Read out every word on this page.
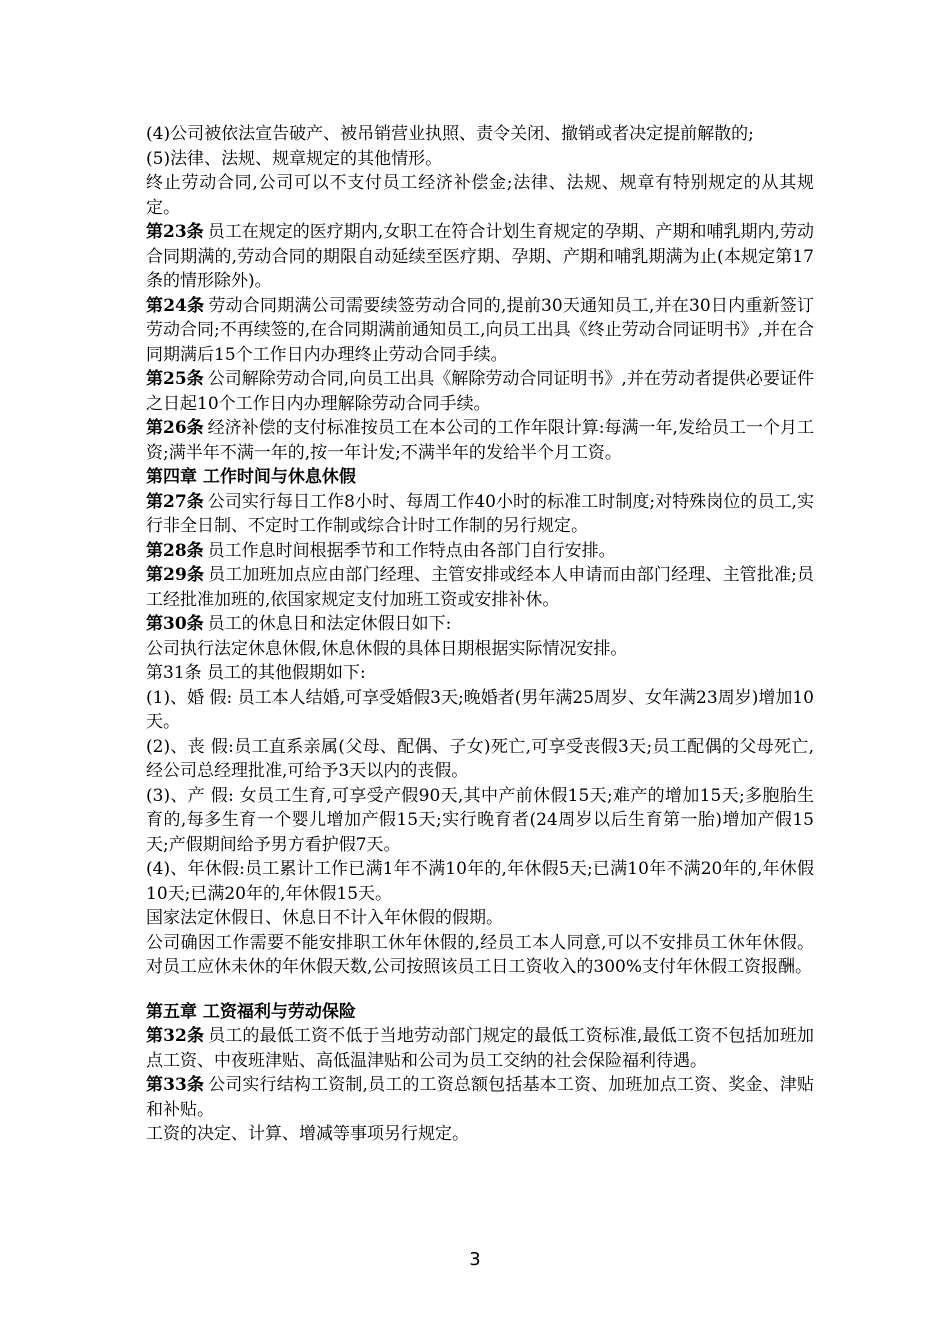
(4)公司被依法宣告破产、被吊销营业执照、责令关闭、撤销或者决定提前解散的;

(5)法律、法规、规章规定的其他情形。

终止劳动合同,公司可以不支付员工经济补偿金;法律、法规、规章有特别规定的从其规定。

第23条 员工在规定的医疗期内,女职工在符合计划生育规定的孕期、产期和哺乳期内,劳动合同期满的,劳动合同的期限自动延续至医疗期、孕期、产期和哺乳期满为止(本规定第17条的情形除外)。

第24条 劳动合同期满公司需要续签劳动合同的,提前30天通知员工,并在30日内重新签订劳动合同;不再续签的,在合同期满前通知员工,向员工出具《终止劳动合同证明书》,并在合同期满后15个工作日内办理终止劳动合同手续。

第25条 公司解除劳动合同,向员工出具《解除劳动合同证明书》,并在劳动者提供必要证件之日起10个工作日内办理解除劳动合同手续。

第26条 经济补偿的支付标准按员工在本公司的工作年限计算:每满一年,发给员工一个月工资;满半年不满一年的,按一年计发;不满半年的发给半个月工资。

第四章 工作时间与休息休假

第27条 公司实行每日工作8小时、每周工作40小时的标准工时制度;对特殊岗位的员工,实行非全日制、不定时工作制或综合计时工作制的另行规定。

第28条 员工作息时间根据季节和工作特点由各部门自行安排。

第29条 员工加班加点应由部门经理、主管安排或经本人申请而由部门经理、主管批准;员工经批准加班的,依国家规定支付加班工资或安排补休。

第30条 员工的休息日和法定休假日如下:

公司执行法定休息休假,休息休假的具体日期根据实际情况安排。

第31条 员工的其他假期如下:

(1)、婚 假: 员工本人结婚,可享受婚假3天;晚婚者(男年满25周岁、女年满23周岁)增加10天。

(2)、丧 假:员工直系亲属(父母、配偶、子女)死亡,可享受丧假3天;员工配偶的父母死亡,经公司总经理批准,可给予3天以内的丧假。

(3)、产 假: 女员工生育,可享受产假90天,其中产前休假15天;难产的增加15天;多胞胎生育的,每多生育一个婴儿增加产假15天;实行晚育者(24周岁以后生育第一胎)增加产假15天;产假期间给予男方看护假7天。

(4)、年休假:员工累计工作已满1年不满10年的,年休假5天;已满10年不满20年的,年休假10天;已满20年的,年休假15天。

国家法定休假日、休息日不计入年休假的假期。

公司确因工作需要不能安排职工休年休假的,经员工本人同意,可以不安排员工休年休假。对员工应休未休的年休假天数,公司按照该员工日工资收入的300%支付年休假工资报酬。

第五章 工资福利与劳动保险

第32条 员工的最低工资不低于当地劳动部门规定的最低工资标准,最低工资不包括加班加点工资、中夜班津贴、高低温津贴和公司为员工交纳的社会保险福利待遇。

第33条 公司实行结构工资制,员工的工资总额包括基本工资、加班加点工资、奖金、津贴和补贴。

工资的决定、计算、增减等事项另行规定。

3
